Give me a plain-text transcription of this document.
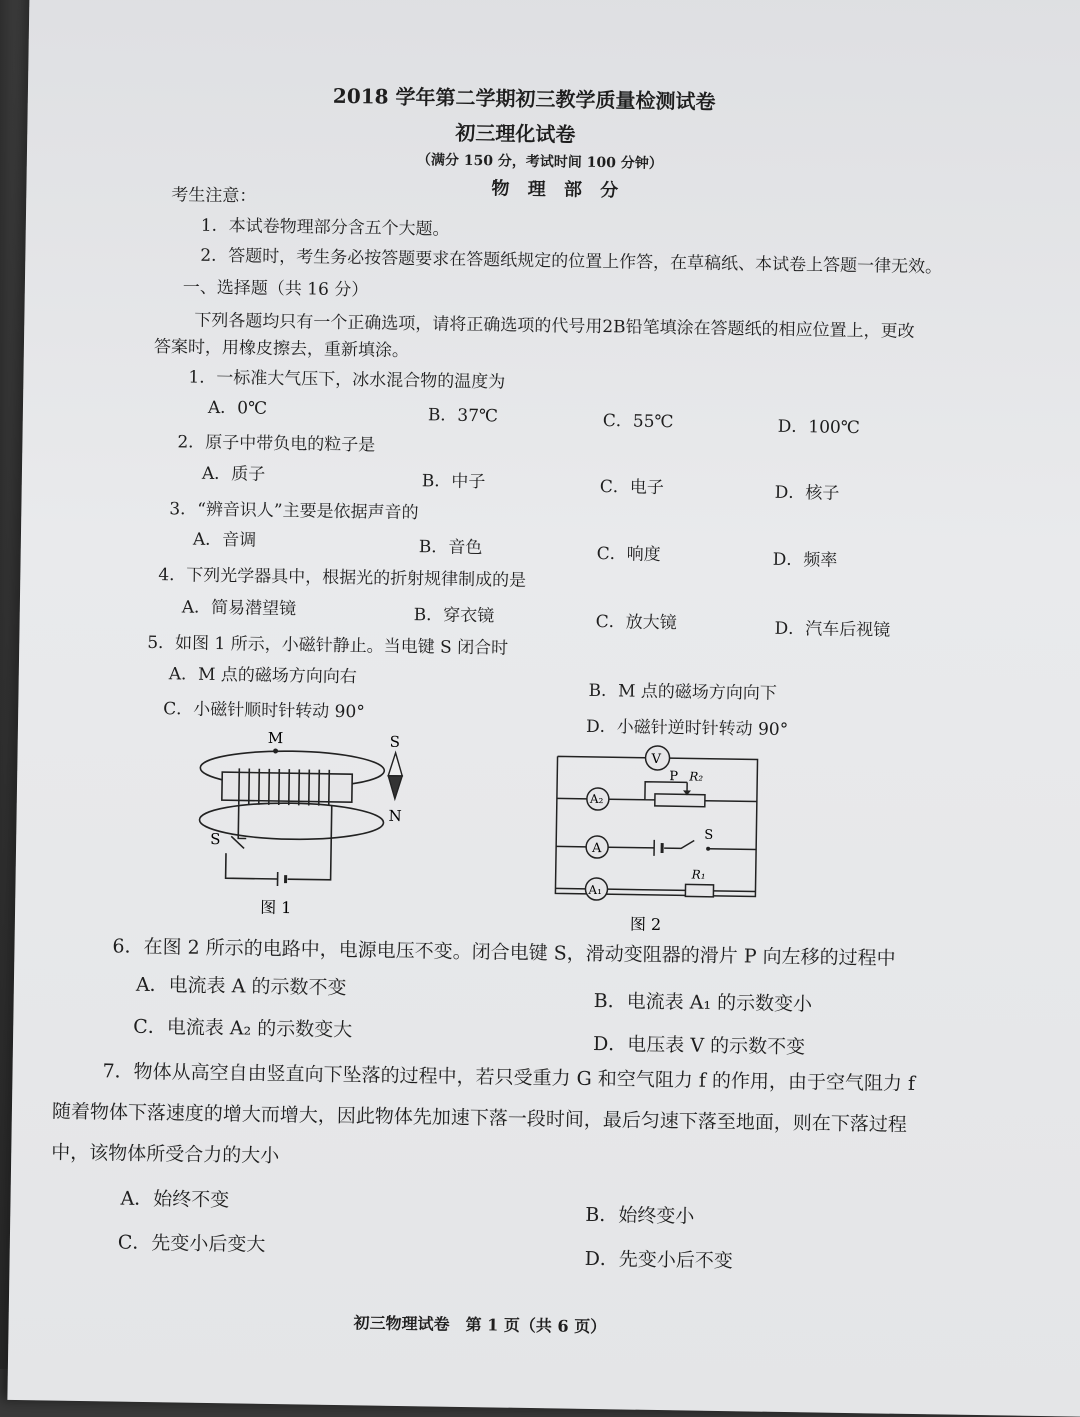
2018 学年第二学期初三教学质量检测试卷
初三理化试卷
（满分 150 分，考试时间 100 分钟）
物 理 部 分
考生注意：
1．本试卷物理部分含五个大题。
2．答题时，考生务必按答题要求在答题纸规定的位置上作答，在草稿纸、本试卷上答题一律无效。
一、选择题（共 16 分）
下列各题均只有一个正确选项，请将正确选项的代号用2B铅笔填涂在答题纸的相应位置上，更改
答案时，用橡皮擦去，重新填涂。
1．一标准大气压下，冰水混合物的温度为
A．0℃	B．37℃	C．55℃	D．100℃
2．原子中带负电的粒子是
A．质子	B．中子	C．电子	D．核子
3．“辨音识人”主要是依据声音的
A．音调	B．音色	C．响度	D．频率
4．下列光学器具中，根据光的折射规律制成的是
A．简易潜望镜	B．穿衣镜	C．放大镜	D．汽车后视镜
5．如图 1 所示，小磁针静止。当电键 S 闭合时
A．M 点的磁场方向向右
B．M 点的磁场方向向下
C．小磁针顺时针转动 90°
D．小磁针逆时针转动 90°
M	S
N
S
图 1
V
A₂
A
A₁
P R₂
R₁
S
图 2
6．在图 2 所示的电路中，电源电压不变。闭合电键 S，滑动变阻器的滑片 P 向左移的过程中
A．电流表 A 的示数不变
B．电流表 A₁ 的示数变小
C．电流表 A₂ 的示数变大
D．电压表 V 的示数不变
7．物体从高空自由竖直向下坠落的过程中，若只受重力 G 和空气阻力 f 的作用，由于空气阻力 f
随着物体下落速度的增大而增大，因此物体先加速下落一段时间，最后匀速下落至地面，则在下落过程
中，该物体所受合力的大小
A．始终不变
B．始终变小
C．先变小后变大
D．先变小后不变
初三物理试卷　第 1 页（共 6 页）
